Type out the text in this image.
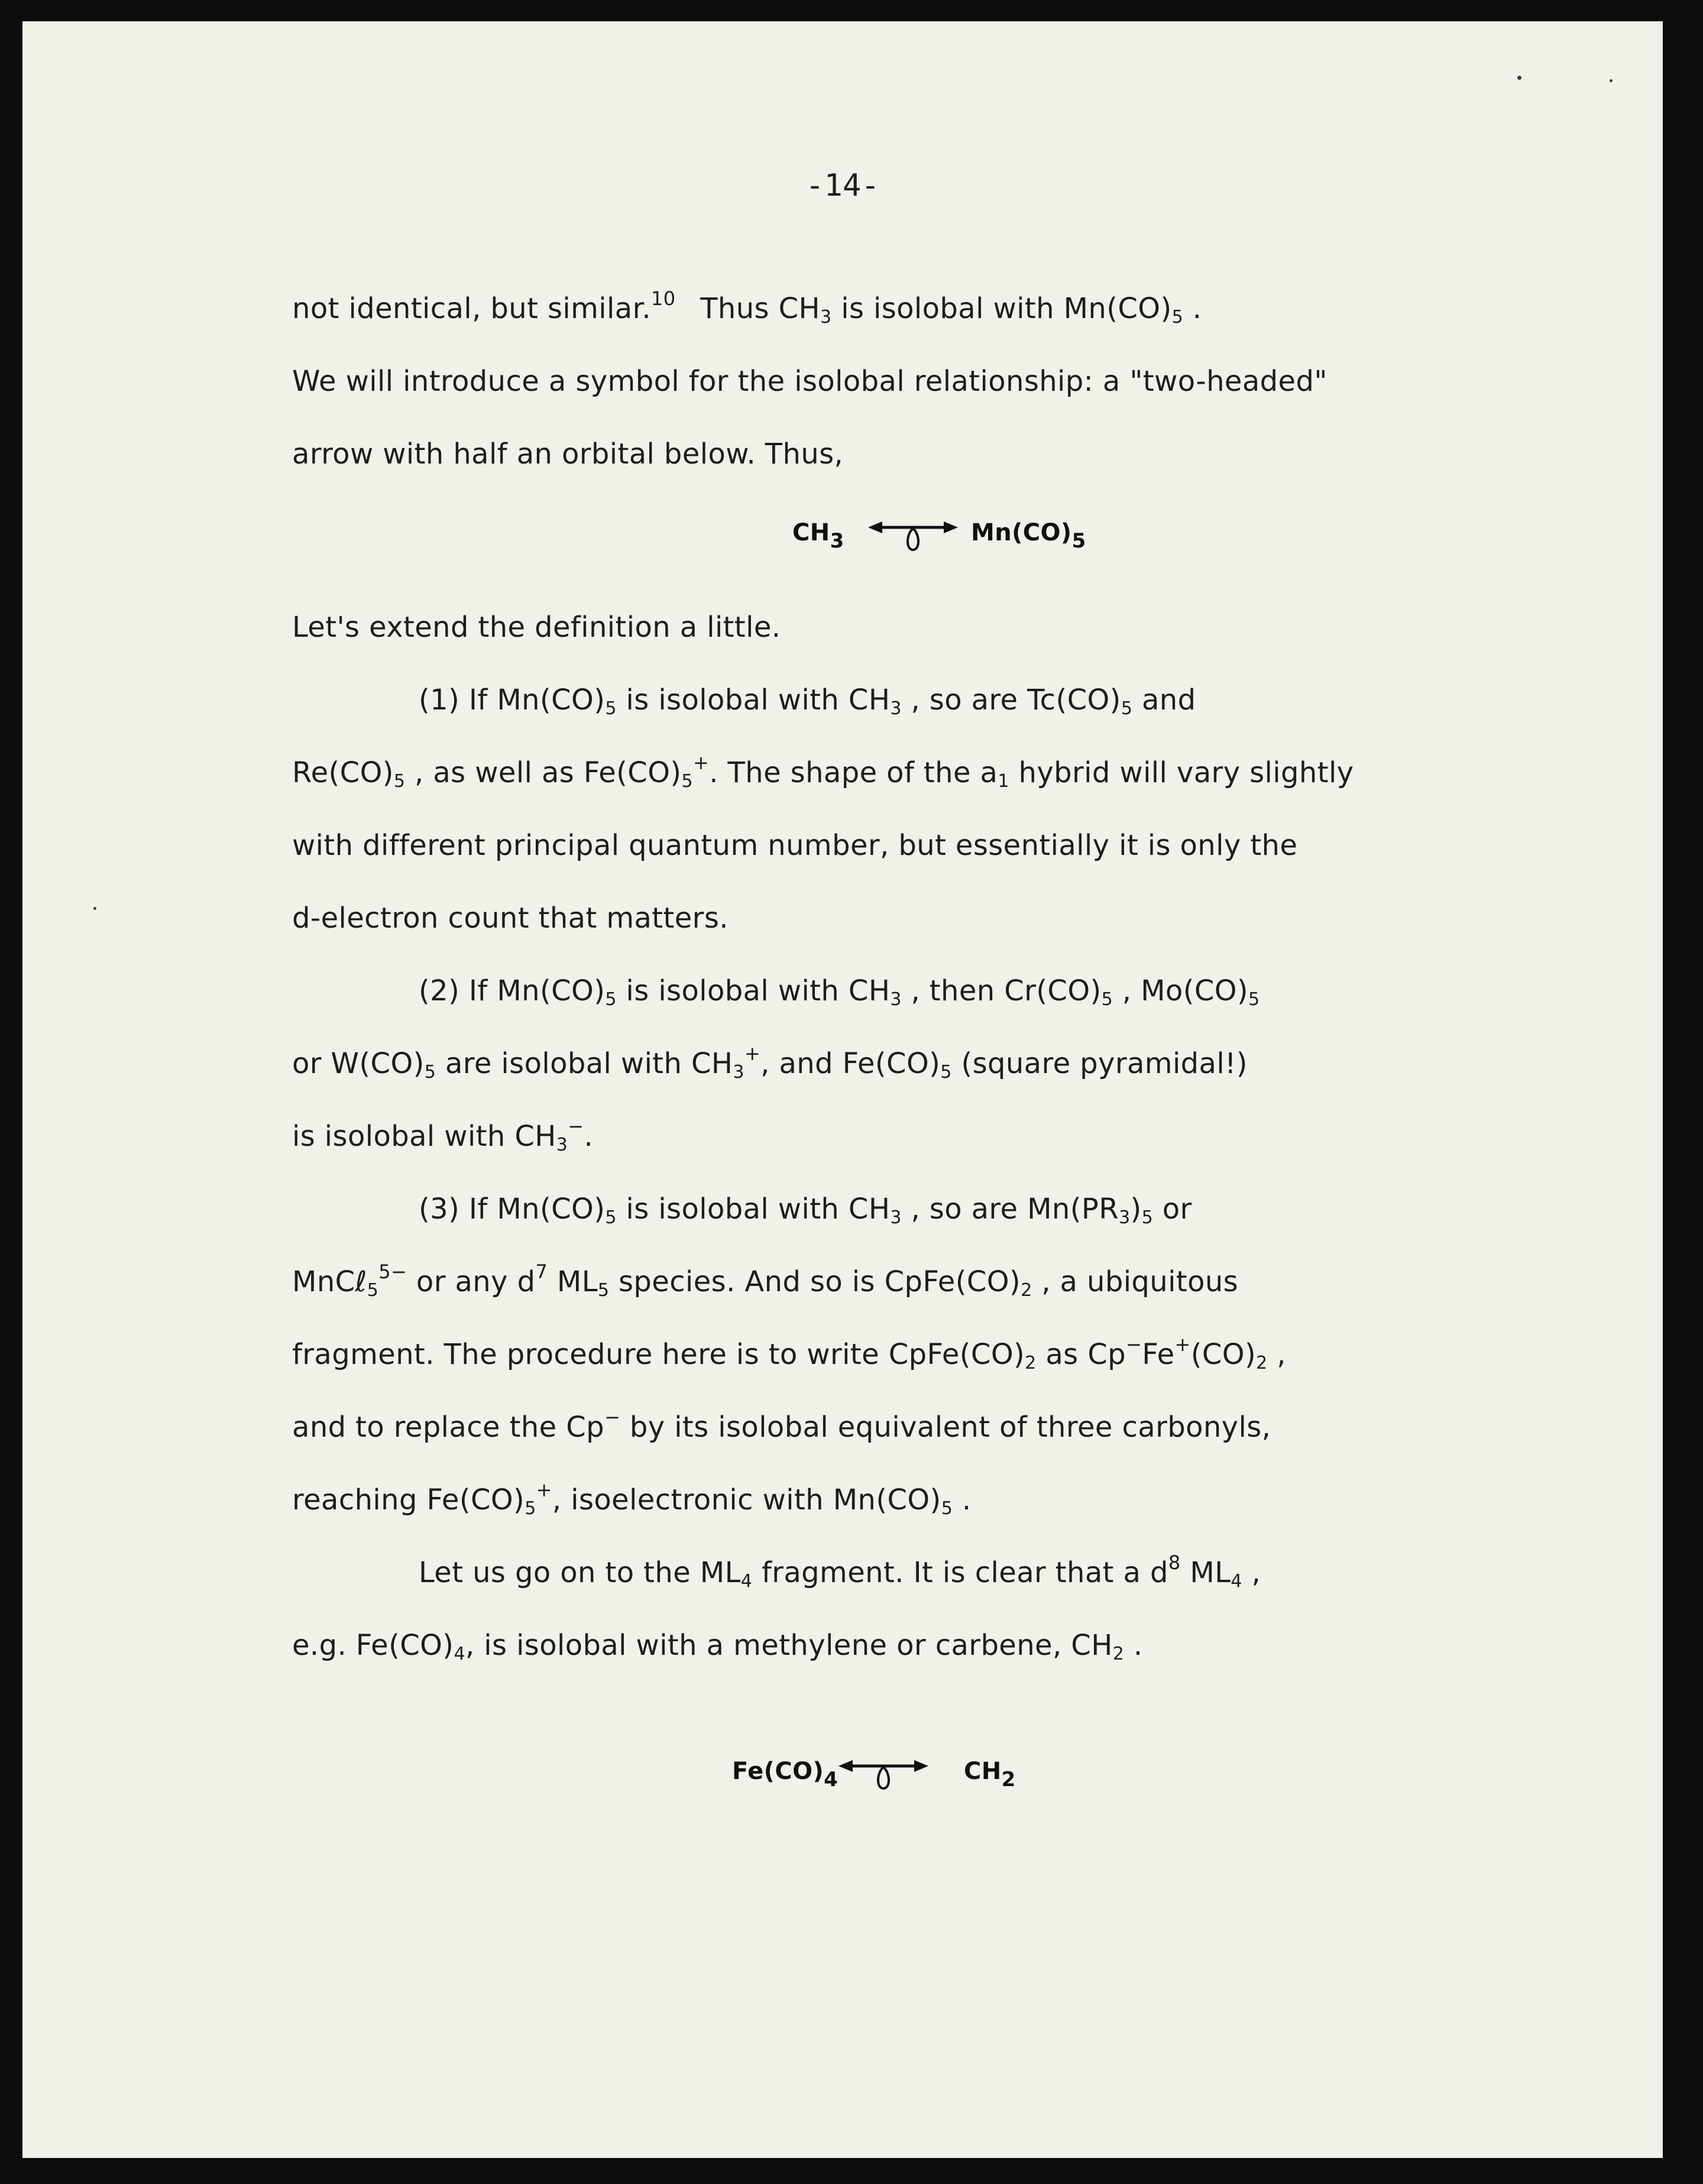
-14-
not identical, but similar.$^{10}$ Thus $CH_3$ is isolobal with $Mn(CO)_5$ .
We will introduce a symbol for the isolobal relationship: a "two-headed"
arrow with half an orbital below. Thus,
$CH_3$	$Mn(CO)_5$
Let's extend the definition a little.
(1) If $Mn(CO)_5$ is isolobal with $CH_3$ , so are $Tc(CO)_5$ and
$Re(CO)_5$ , as well as $Fe(CO)_5^+$. The shape of the $a_1$ hybrid will vary slightly
with different principal quantum number, but essentially it is only the
d-electron count that matters.
(2) If $Mn(CO)_5$ is isolobal with $CH_3$ , then $Cr(CO)_5$ , $Mo(CO)_5$
or $W(CO)_5$ are isolobal with $CH_3^+$, and $Fe(CO)_5$ (square pyramidal!)
is isolobal with $CH_3^-$.
(3) If $Mn(CO)_5$ is isolobal with $CH_3$ , so are $Mn(PR_3)_5$ or
MnCℓ$_5^{5-}$ or any $d^7$ $ML_5$ species. And so is $CpFe(CO)_2$ , a ubiquitous
fragment. The procedure here is to write $CpFe(CO)_2$ as $Cp^-Fe^+(CO)_2$ ,
and to replace the Cp− by its isolobal equivalent of three carbonyls,
reaching $Fe(CO)_5^+$, isoelectronic with $Mn(CO)_5$ .
Let us go on to the $ML_4$ fragment. It is clear that a $d^8$ $ML_4$ ,
e.g. $Fe(CO)_4$, is isolobal with a methylene or carbene, $CH_2$ .
$Fe(CO)_4$	$CH_2$
